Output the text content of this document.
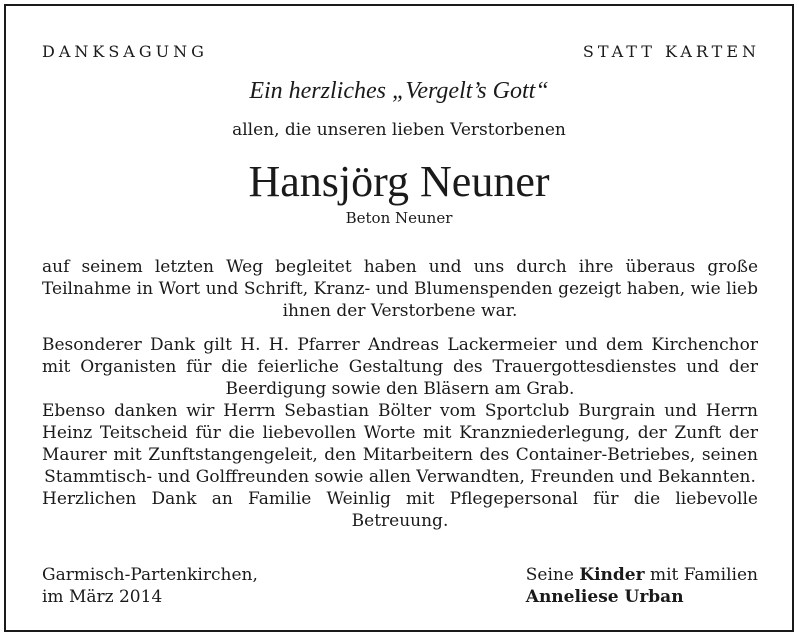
DANKSAGUNG	STATT KARTEN
Ein herzliches „Vergelt’s Gott“
allen, die unseren lieben Verstorbenen
Hansjörg Neuner
Beton Neuner
auf seinem letzten Weg begleitet haben und uns durch ihre überaus große Teilnahme in Wort und Schrift, Kranz- und Blumenspenden gezeigt haben, wie lieb ihnen der Verstorbene war.
Besonderer Dank gilt H. H. Pfarrer Andreas Lackermeier und dem Kirchenchor mit Organisten für die feierliche Gestaltung des Trauergottesdienstes und der Beerdigung sowie den Bläsern am Grab.
Ebenso danken wir Herrn Sebastian Bölter vom Sportclub Burgrain und Herrn Heinz Teitscheid für die liebevollen Worte mit Kranzniederlegung, der Zunft der Maurer mit Zunftstangengeleit, den Mitarbeitern des Container-Betriebes, seinen Stammtisch- und Golffreunden sowie allen Verwandten, Freunden und Bekannten.
Herzlichen Dank an Familie Weinlig mit Pflegepersonal für die liebevolle Betreuung.
Garmisch-Partenkirchen,
im März 2014
Seine Kinder mit Familien
Anneliese Urban
